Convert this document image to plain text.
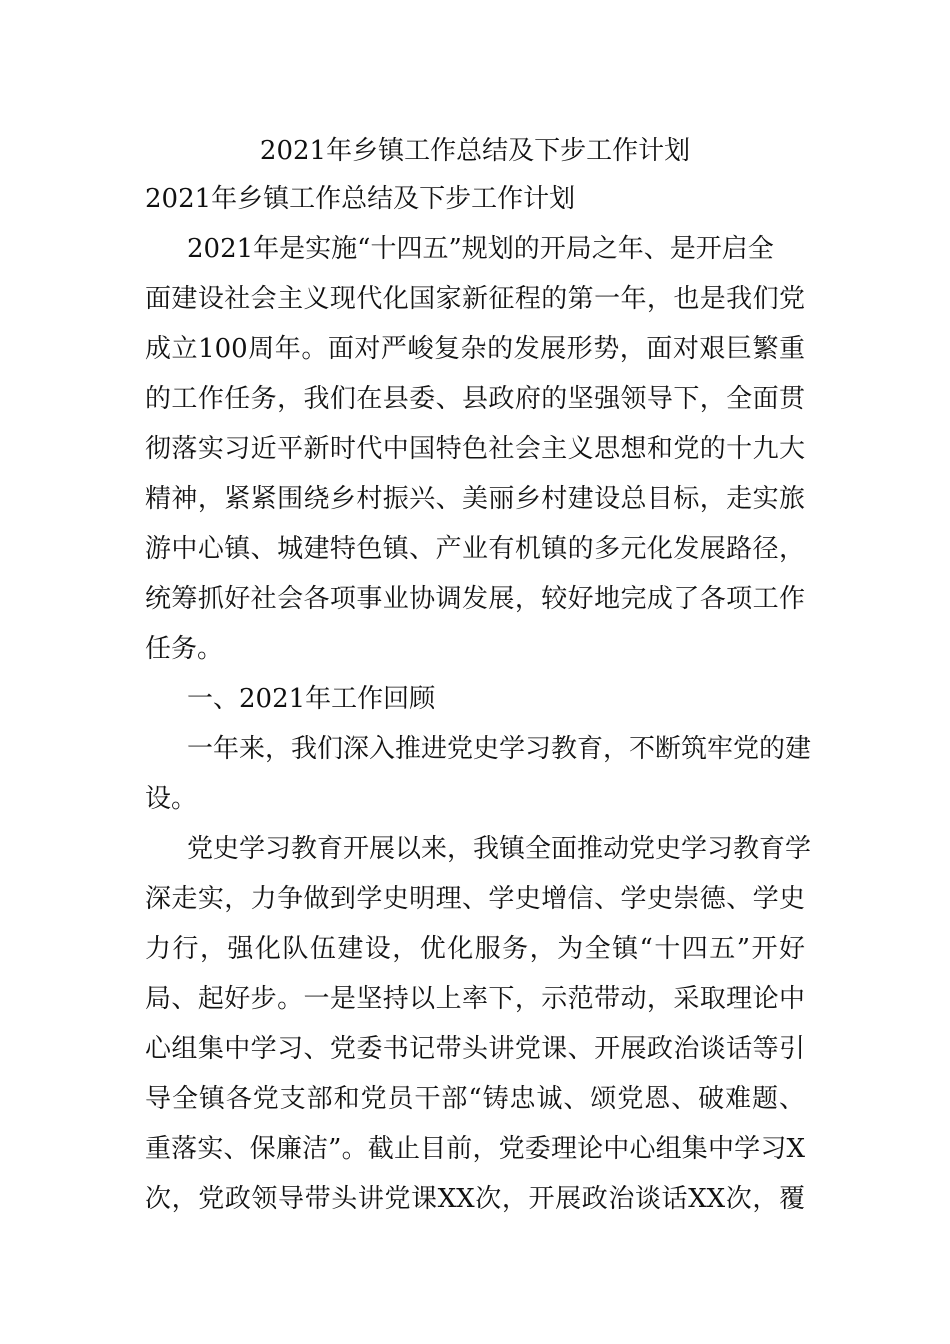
2021年乡镇工作总结及下步工作计划

2021年乡镇工作总结及下步工作计划

2021年是实施“十四五”规划的开局之年、是开启全

面建设社会主义现代化国家新征程的第一年，也是我们党

成立100周年。面对严峻复杂的发展形势，面对艰巨繁重

的工作任务，我们在县委、县政府的坚强领导下，全面贯

彻落实习近平新时代中国特色社会主义思想和党的十九大

精神，紧紧围绕乡村振兴、美丽乡村建设总目标，走实旅

游中心镇、城建特色镇、产业有机镇的多元化发展路径，

统筹抓好社会各项事业协调发展，较好地完成了各项工作

任务。

一、2021年工作回顾

一年来，我们深入推进党史学习教育，不断筑牢党的建

设。

党史学习教育开展以来，我镇全面推动党史学习教育学

深走实，力争做到学史明理、学史增信、学史崇德、学史

力行，强化队伍建设，优化服务，为全镇“十四五”开好

局、起好步。一是坚持以上率下，示范带动，采取理论中

心组集中学习、党委书记带头讲党课、开展政治谈话等引

导全镇各党支部和党员干部“铸忠诚、颂党恩、破难题、

重落实、保廉洁”。截止目前，党委理论中心组集中学习X

次，党政领导带头讲党课XX次，开展政治谈话XX次，覆
